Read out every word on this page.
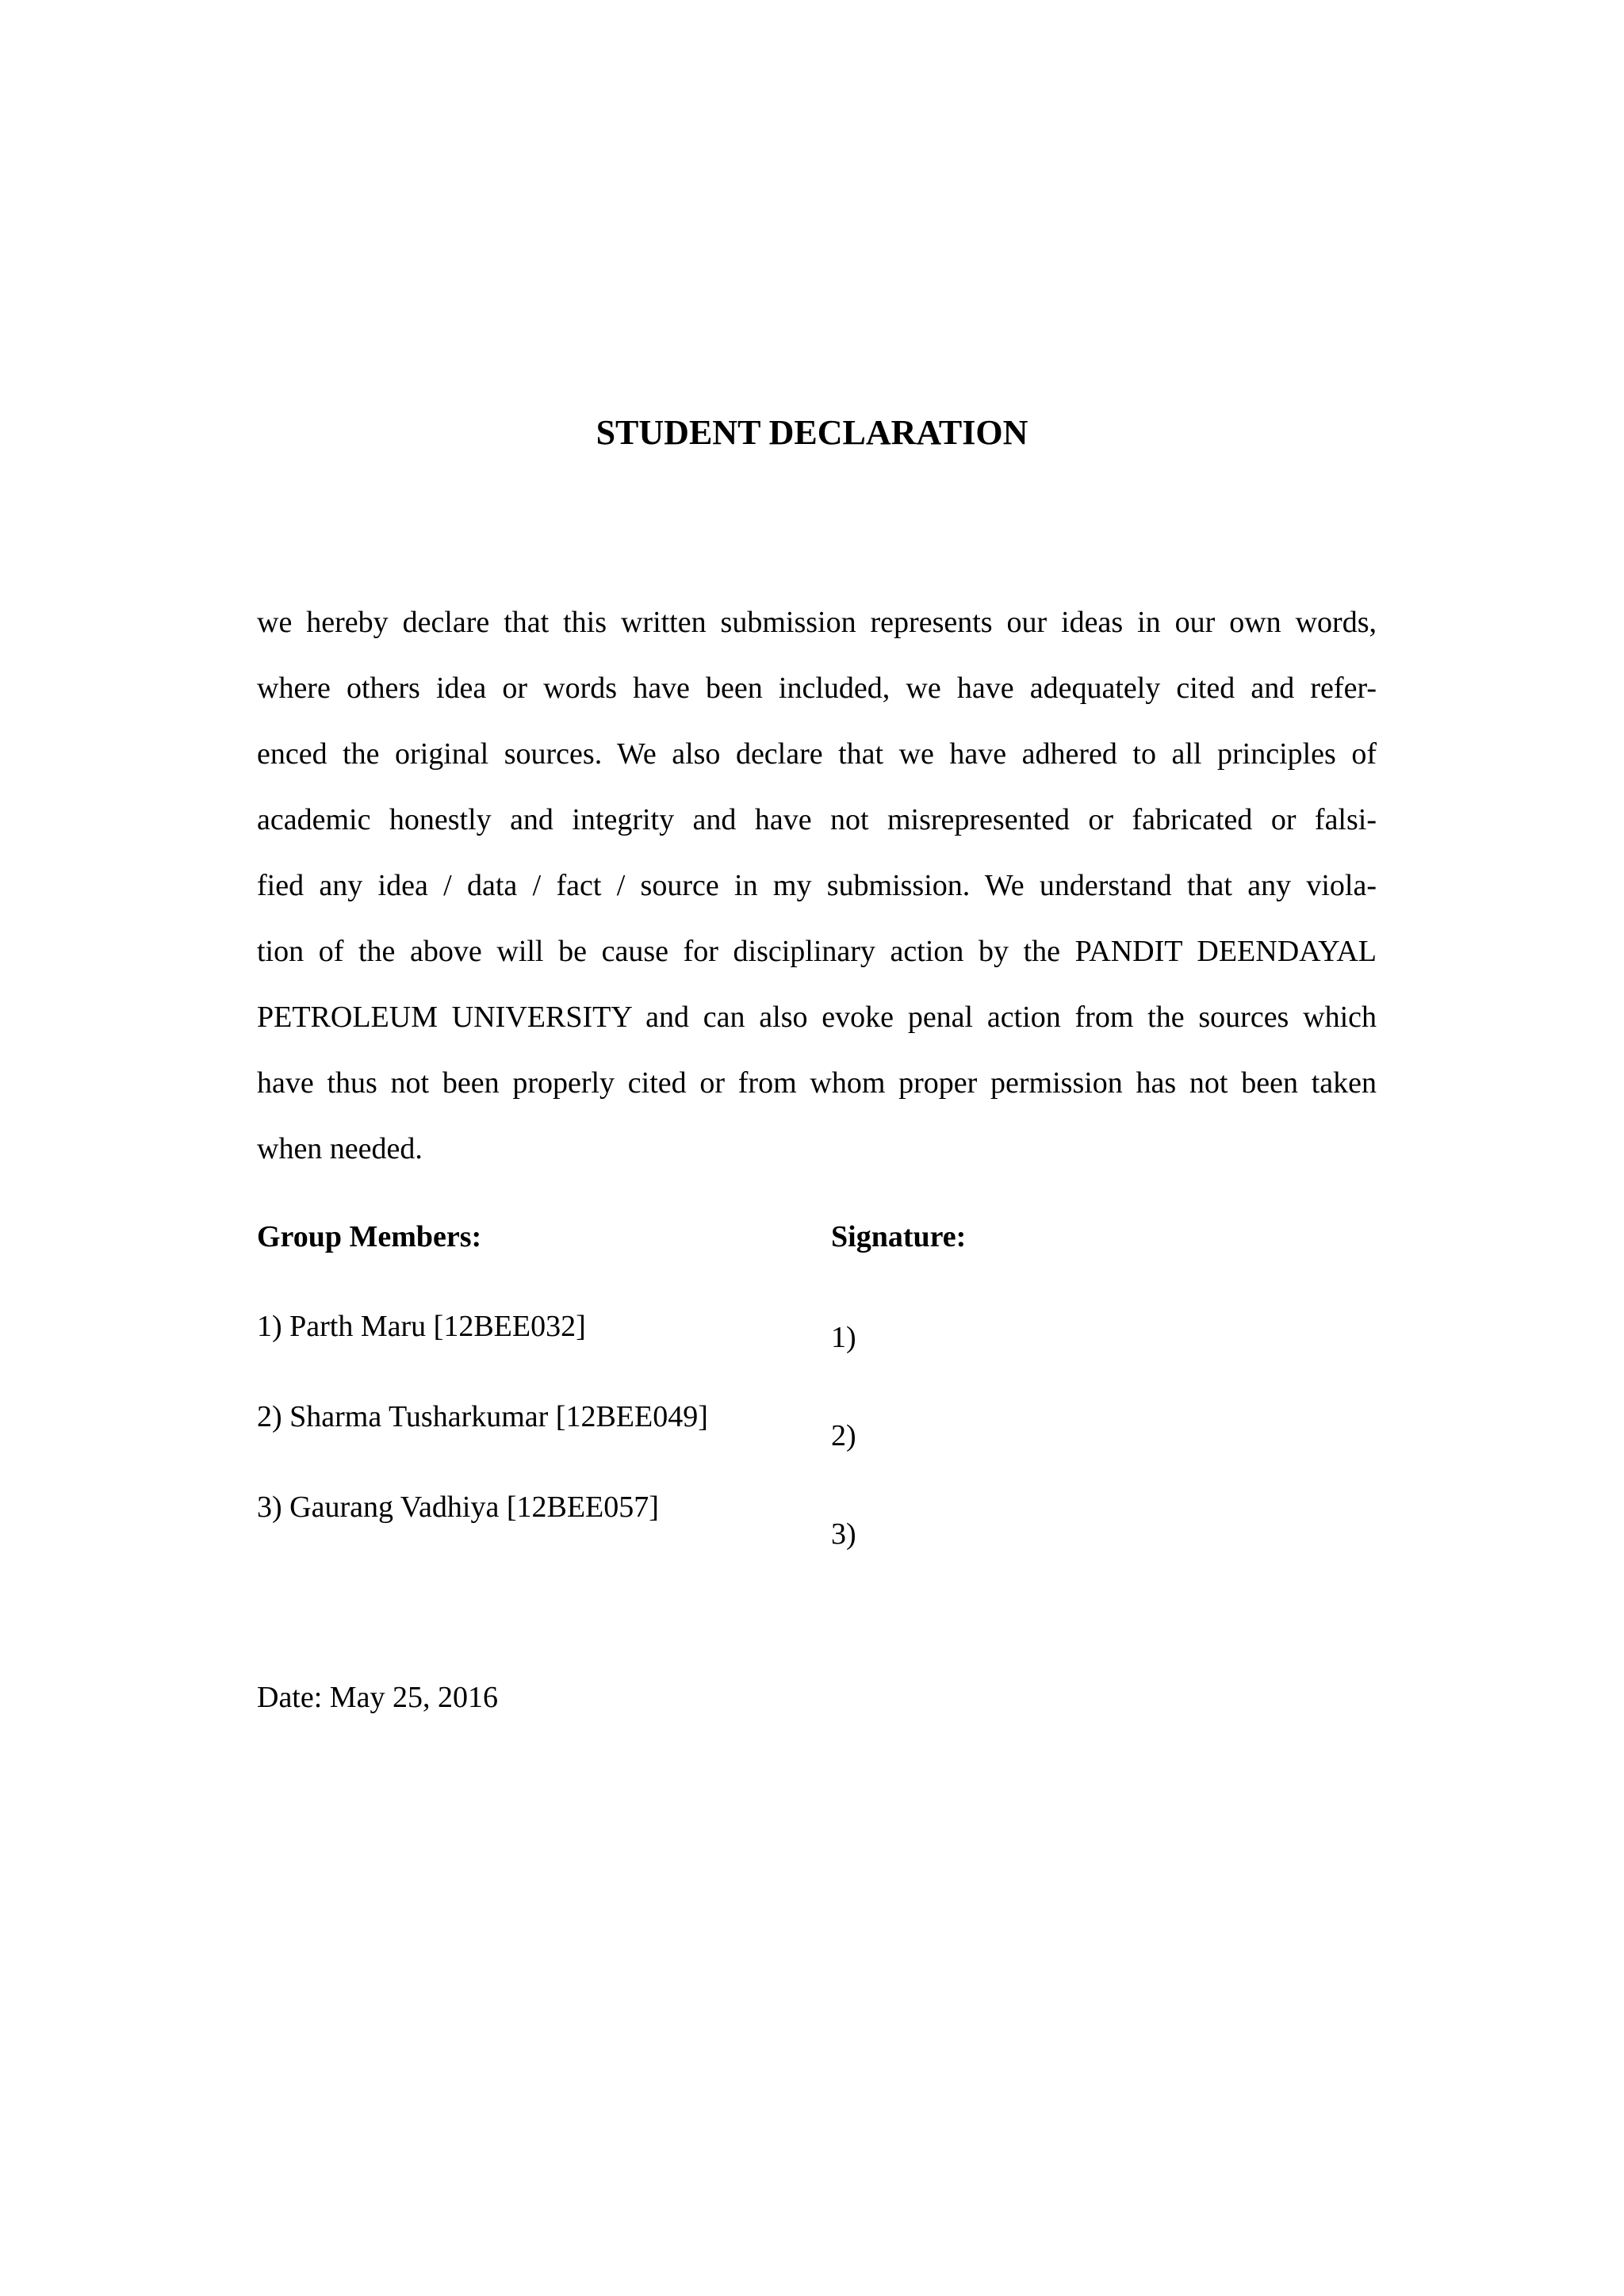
STUDENT DECLARATION
we hereby declare that this written submission represents our ideas in our own words,
where others idea or words have been included, we have adequately cited and refer-
enced the original sources. We also declare that we have adhered to all principles of
academic honestly and integrity and have not misrepresented or fabricated or falsi-
fied any idea / data / fact / source in my submission. We understand that any viola-
tion of the above will be cause for disciplinary action by the PANDIT DEENDAYAL
PETROLEUM UNIVERSITY and can also evoke penal action from the sources which
have thus not been properly cited or from whom proper permission has not been taken
when needed.
Group Members:	Signature:
1) Parth Maru [12BEE032]
2) Sharma Tusharkumar [12BEE049]
3) Gaurang Vadhiya [12BEE057]
1)
2)
3)
Date: May 25, 2016
